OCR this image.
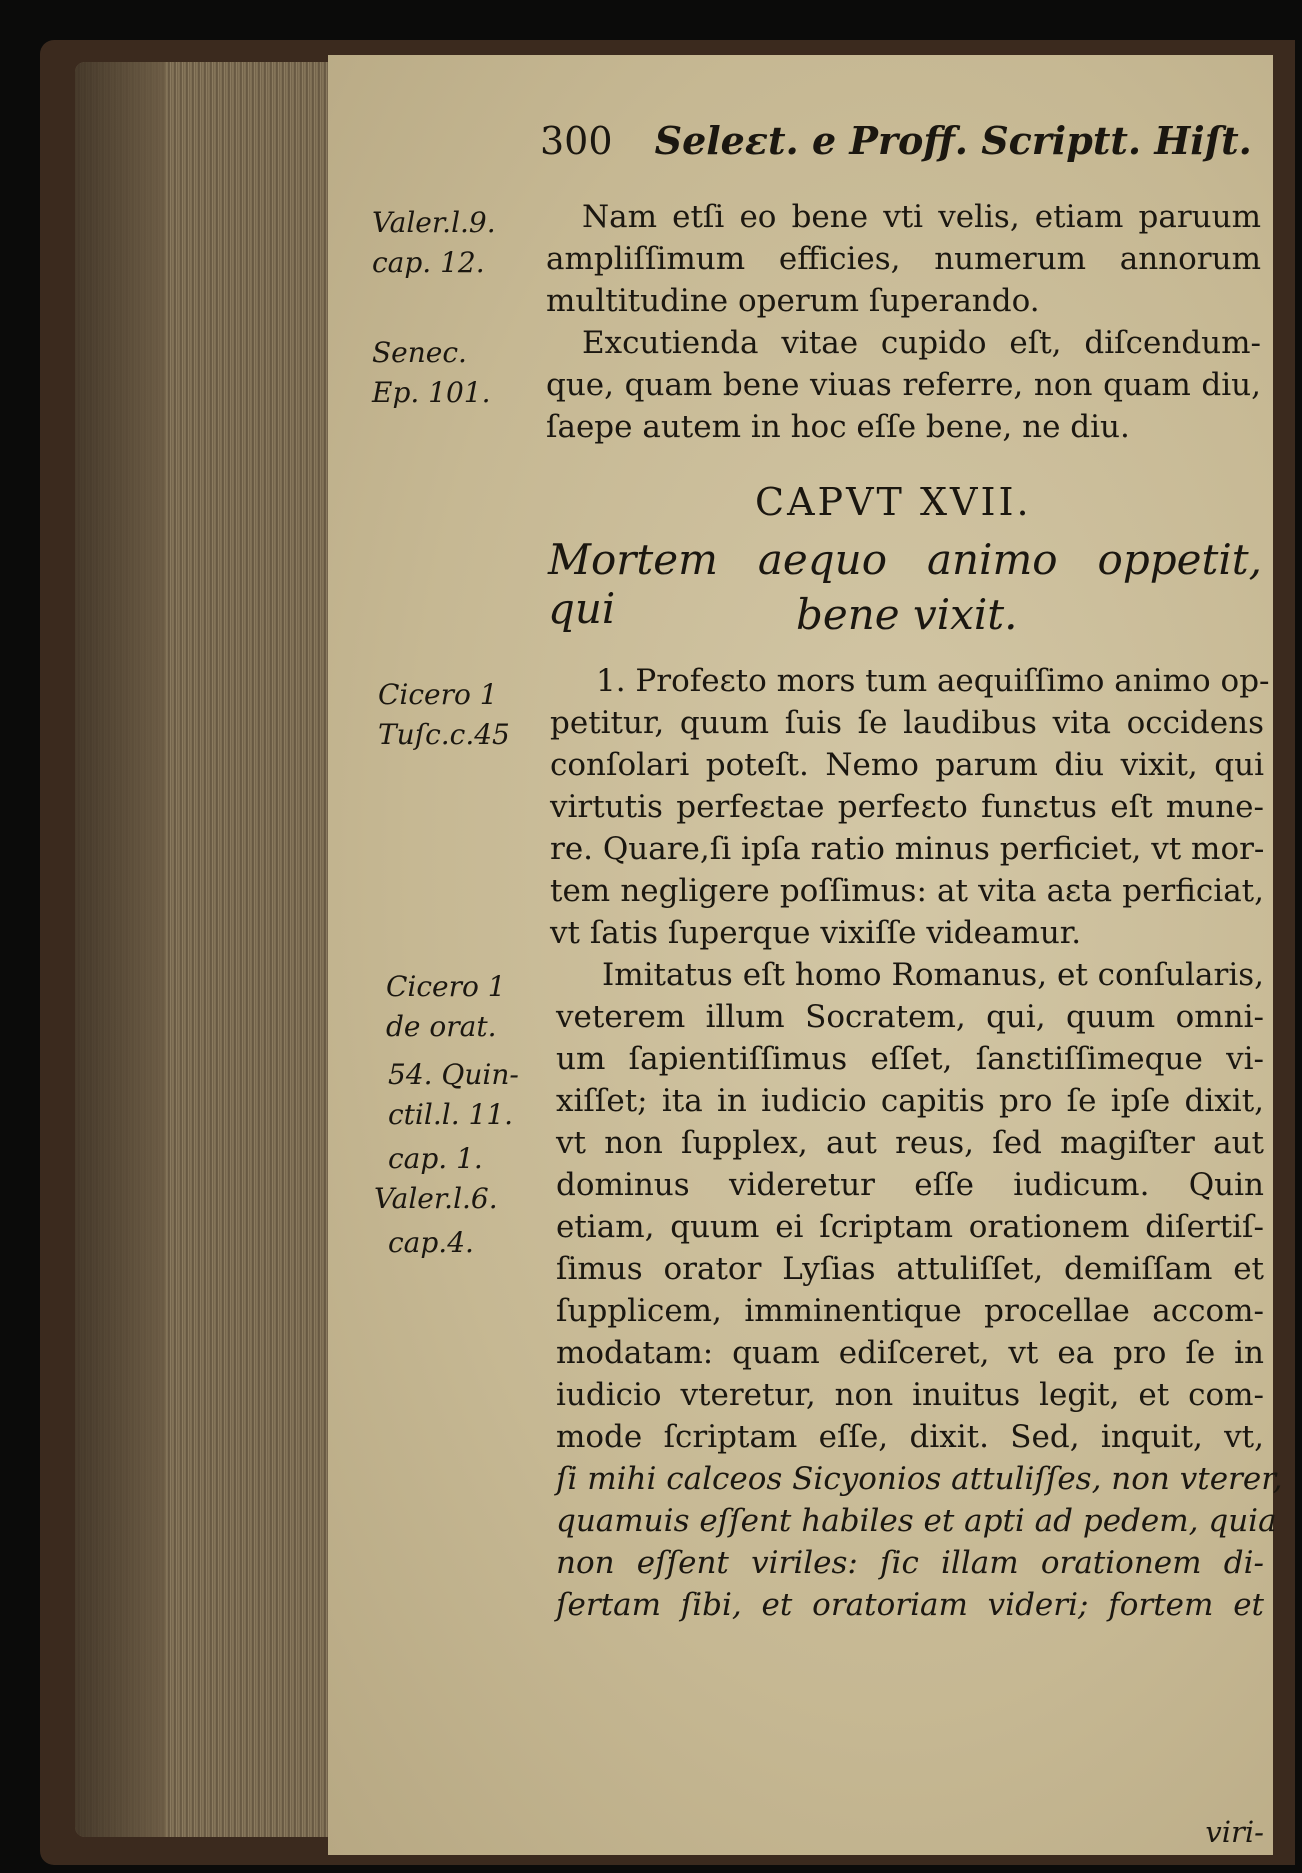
300 Seleɛt. e Proff. Scriptt. Hiſt.
Valer.l.9.
cap. 12.
Senec.
Ep. 101.
Cicero 1
Tuſc.c.45
Cicero 1
de orat.
54. Quin-
ctil.l. 11.
cap. 1.
Valer.l.6.
cap.4.
Nam etſi eo bene vti velis, etiam paruum
ampliſſimum efficies, numerum annorum
multitudine operum ſuperando.
Excutienda vitae cupido eſt, diſcendum-
que, quam bene viuas referre, non quam diu,
ſaepe autem in hoc eſſe bene, ne diu.
CAPVT XVII.
Mortem aequo animo oppetit, qui	bene vixit.
1. Profeɛto mors tum aequiſſimo animo op-
petitur, quum ſuis ſe laudibus vita occidens
conſolari poteſt. Nemo parum diu vixit, qui
virtutis perfeɛtae perfeɛto funɛtus eſt mune-
re. Quare,ſi ipſa ratio minus perficiet, vt mor-
tem negligere poſſimus: at vita aɛta perficiat,
vt ſatis ſuperque vixiſſe videamur.
Imitatus eſt homo Romanus, et conſularis,
veterem illum Socratem, qui, quum omni-
um ſapientiſſimus eſſet, ſanɛtiſſimeque vi-
xiſſet; ita in iudicio capitis pro ſe ipſe dixit,
vt non ſupplex, aut reus, ſed magiſter aut
dominus videretur eſſe iudicum. Quin
etiam, quum ei ſcriptam orationem diſertiſ-
ſimus orator Lyſias attuliſſet, demiſſam et
ſupplicem, imminentique procellae accom-
modatam: quam ediſceret, vt ea pro ſe in
iudicio vteretur, non inuitus legit, et com-
mode ſcriptam eſſe, dixit. Sed, inquit, vt,
ſi mihi calceos Sicyonios attuliſſes, non vterer,
quamuis eſſent habiles et apti ad pedem, quia
non eſſent viriles: ſic illam orationem di-
ſertam ſibi, et oratoriam videri; fortem et
viri-
